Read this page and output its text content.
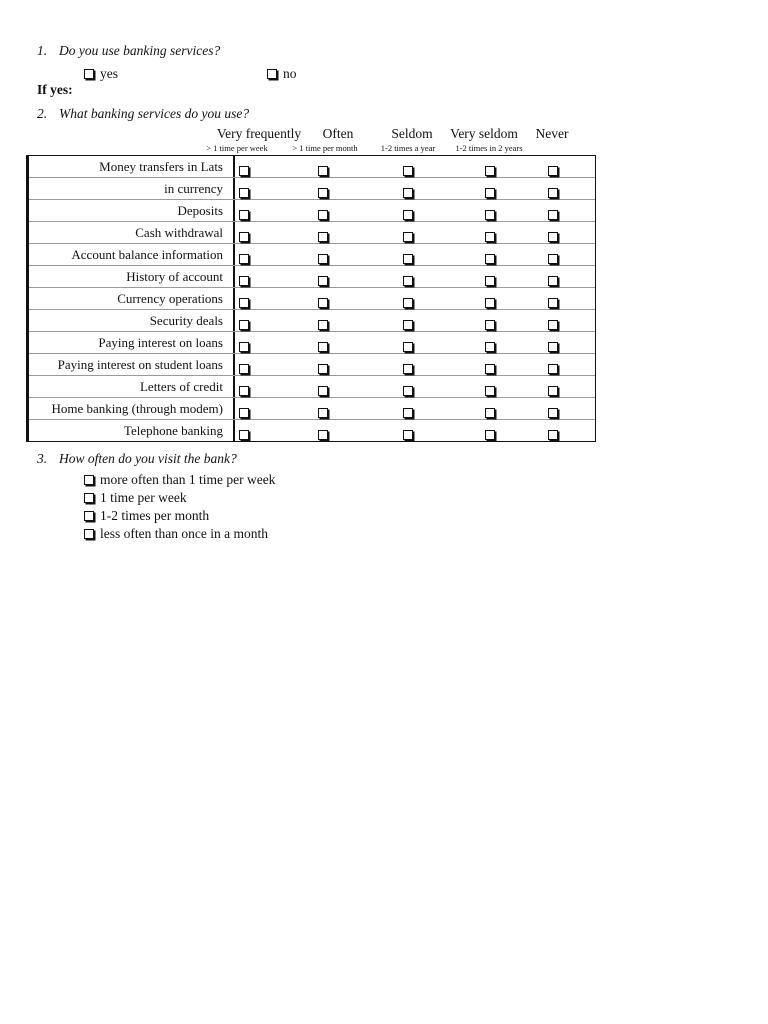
1. Do you use banking services?
yes	no
If yes:
2. What banking services do you use?
Very frequently	Often	Seldom	Very seldom	Never
> 1 time per week	> 1 time per month	1-2 times a year	1-2 times in 2 years
Money transfers in Lats
in currency
Deposits
Cash withdrawal
Account balance information
History of account
Currency operations
Security deals
Paying interest on loans
Paying interest on student loans
Letters of credit
Home banking (through modem)
Telephone banking
3. How often do you visit the bank?
more often than 1 time per week
1 time per week
1-2 times per month
less often than once in a month
